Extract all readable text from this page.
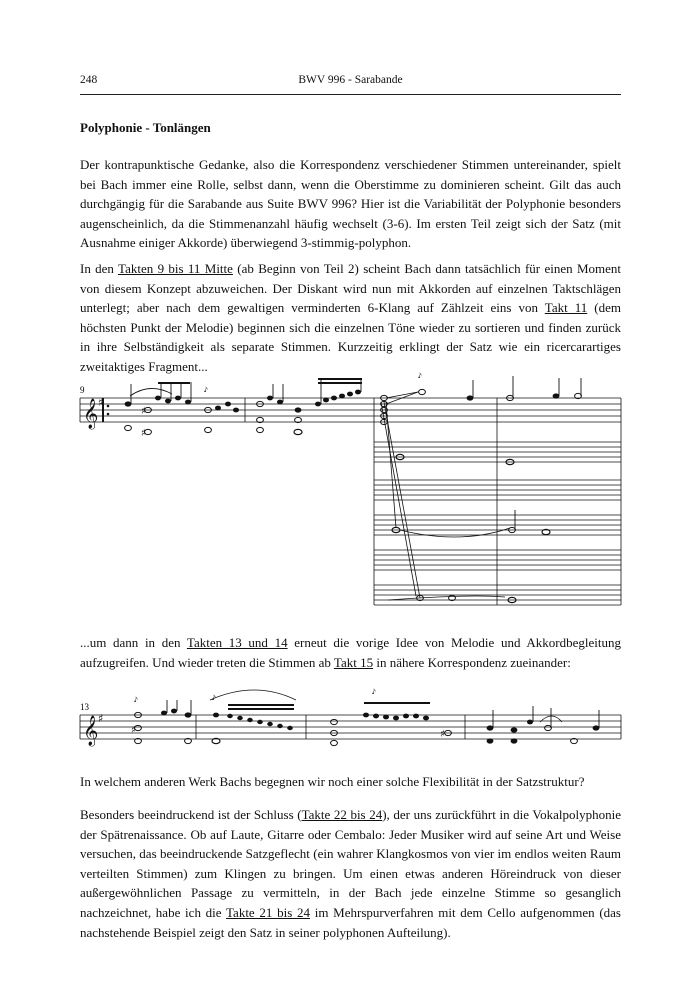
248	BWV 996 - Sarabande
Polyphonie - Tonlängen

Der kontrapunktische Gedanke, also die Korrespondenz verschiedener Stimmen untereinander, spielt bei Bach immer eine Rolle, selbst dann, wenn die Oberstimme zu dominieren scheint. Gilt das auch durchgängig für die Sarabande aus Suite BWV 996? Hier ist die Variabilität der Polyphonie besonders augenscheinlich, da die Stimmenanzahl häufig wechselt (3-6). Im ersten Teil zeigt sich der Satz (mit Ausnahme einiger Akkorde) überwiegend 3-stimmig-polyphon.

In den Takten 9 bis 11 Mitte (ab Beginn von Teil 2) scheint Bach dann tatsächlich für einen Moment von diesem Konzept abzuweichen. Der Diskant wird nun mit Akkorden auf einzelnen Taktschlägen unterlegt; aber nach dem gewaltigen verminderten 6-Klang auf Zählzeit eins von Takt 11 (dem höchsten Punkt der Melodie) beginnen sich die einzelnen Töne wieder zu sortieren und finden zurück in ihre Selbständigkeit als separate Stimmen. Kurzzeitig erklingt der Satz wie ein ricercarartiges zweitaktiges Fragment...

𝄞 ♯
♯
♯
𝆔
𝆔
9

...um dann in den Takten 13 und 14 erneut die vorige Idee von Melodie und Akkordbegleitung aufzugreifen. Und wieder treten die Stimmen ab Takt 15 in nähere Korrespondenz zueinander:

𝄞 ♯
♯
𝆔	𝆔	𝆔
♯
13

In welchem anderen Werk Bachs begegnen wir noch einer solche Flexibilität in der Satzstruktur?

Besonders beeindruckend ist der Schluss (Takte 22 bis 24), der uns zurückführt in die Vokalpolyphonie der Spätrenaissance. Ob auf Laute, Gitarre oder Cembalo: Jeder Musiker wird auf seine Art und Weise versuchen, das beeindruckende Satzgeflecht (ein wahrer Klangkosmos von vier im endlos weiten Raum verteilten Stimmen) zum Klingen zu bringen. Um einen etwas anderen Höreindruck von dieser außergewöhnlichen Passage zu vermitteln, in der Bach jede einzelne Stimme so gesanglich nachzeichnet, habe ich die Takte 21 bis 24 im Mehrspurverfahren mit dem Cello aufgenommen (das nachstehende Beispiel zeigt den Satz in seiner polyphonen Aufteilung).
